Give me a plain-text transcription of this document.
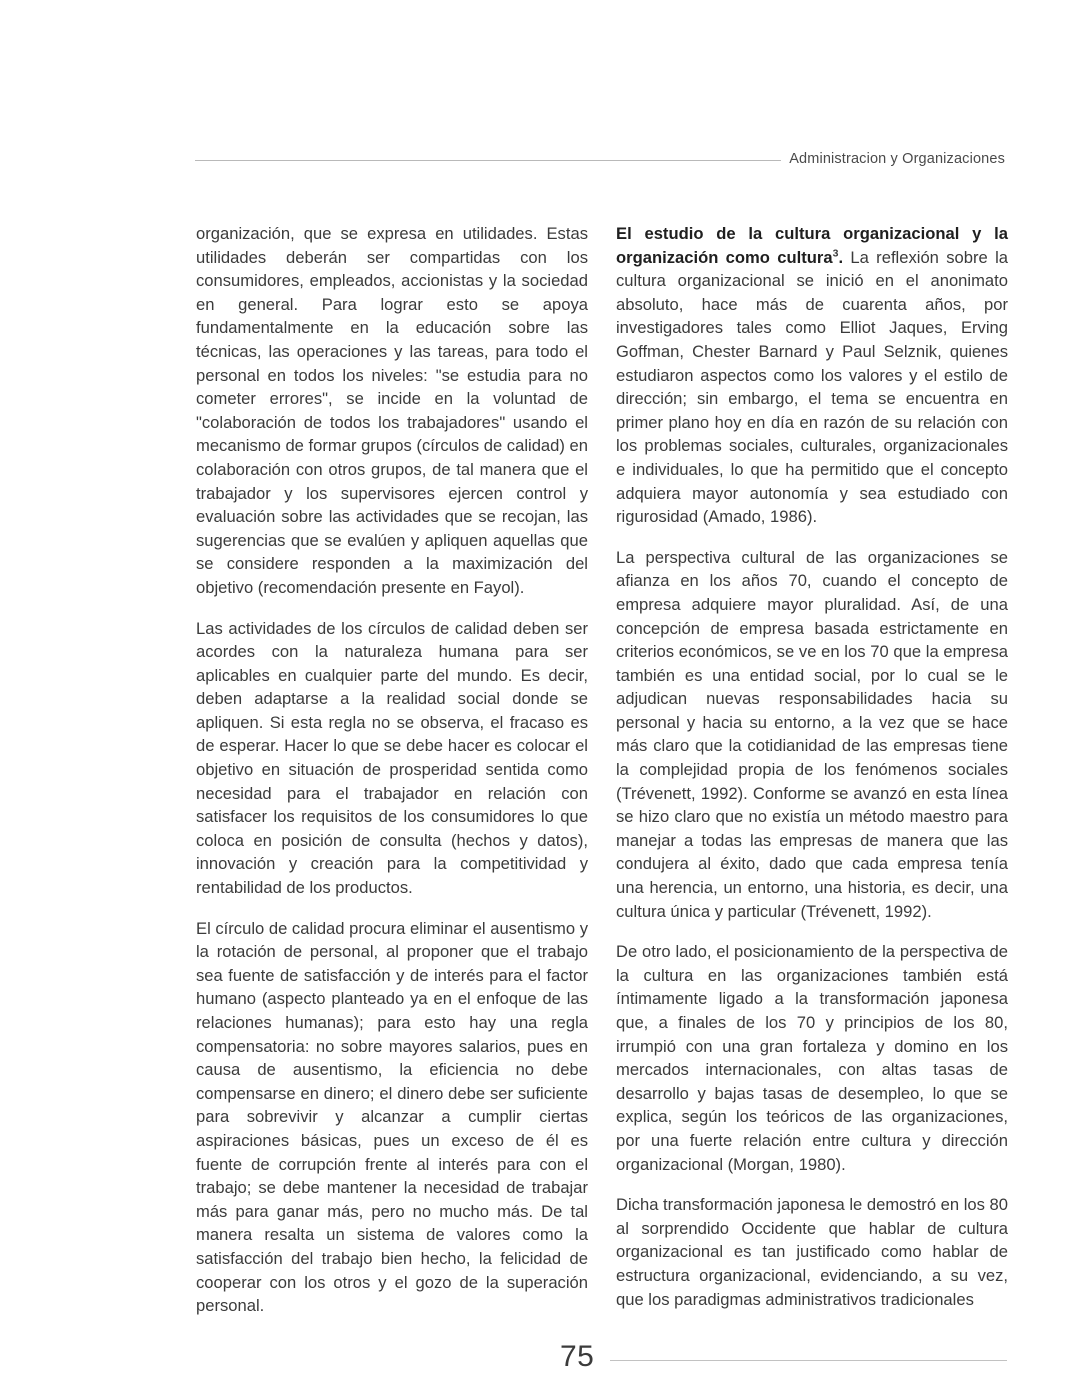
Administracion y Organizaciones

organización, que se expresa en utilidades. Estas utilidades deberán ser compartidas con los consumidores, empleados, accionistas y la sociedad en general. Para lograr esto se apoya fundamentalmente en la educación sobre las técnicas, las operaciones y las tareas, para todo el personal en todos los niveles: "se estudia para no cometer errores", se incide en la voluntad de "colaboración de todos los trabajadores" usando el mecanismo de formar grupos (círculos de calidad) en colaboración con otros grupos, de tal manera que el trabajador y los supervisores ejercen control y evaluación sobre las actividades que se recojan, las sugerencias que se evalúen y apliquen aquellas que se considere responden a la maximización del objetivo (recomendación presente en Fayol).

Las actividades de los círculos de calidad deben ser acordes con la naturaleza humana para ser aplicables en cualquier parte del mundo. Es decir, deben adaptarse a la realidad social donde se apliquen. Si esta regla no se observa, el fracaso es de esperar. Hacer lo que se debe hacer es colocar el objetivo en situación de prosperidad sentida como necesidad para el trabajador en relación con satisfacer los requisitos de los consumidores lo que coloca en posición de consulta (hechos y datos), innovación y creación para la competitividad y rentabilidad de los productos.

El círculo de calidad procura eliminar el ausentismo y la rotación de personal, al proponer que el trabajo sea fuente de satisfacción y de interés para el factor humano (aspecto planteado ya en el enfoque de las relaciones humanas); para esto hay una regla compensatoria: no sobre mayores salarios, pues en causa de ausentismo, la eficiencia no debe compensarse en dinero; el dinero debe ser suficiente para sobrevivir y alcanzar a cumplir ciertas aspiraciones básicas, pues un exceso de él es fuente de corrupción frente al interés para con el trabajo; se debe mantener la necesidad de trabajar más para ganar más, pero no mucho más. De tal manera resalta un sistema de valores como la satisfacción del trabajo bien hecho, la felicidad de cooperar con los otros y el gozo de la superación personal.

El estudio de la cultura organizacional y la organización como cultura$^3$. La reflexión sobre la cultura organizacional se inició en el anonimato absoluto, hace más de cuarenta años, por investigadores tales como Elliot Jaques, Erving Goffman, Chester Barnard y Paul Selznik, quienes estudiaron aspectos como los valores y el estilo de dirección; sin embargo, el tema se encuentra en primer plano hoy en día en razón de su relación con los problemas sociales, culturales, organizacionales e individuales, lo que ha permitido que el concepto adquiera mayor autonomía y sea estudiado con rigurosidad (Amado, 1986).

La perspectiva cultural de las organizaciones se afianza en los años 70, cuando el concepto de empresa adquiere mayor pluralidad. Así, de una concepción de empresa basada estrictamente en criterios económicos, se ve en los 70 que la empresa también es una entidad social, por lo cual se le adjudican nuevas responsabilidades hacia su personal y hacia su entorno, a la vez que se hace más claro que la cotidianidad de las empresas tiene la complejidad propia de los fenómenos sociales (Trévenett, 1992). Conforme se avanzó en esta línea se hizo claro que no existía un método maestro para manejar a todas las empresas de manera que las condujera al éxito, dado que cada empresa tenía una herencia, un entorno, una historia, es decir, una cultura única y particular (Trévenett, 1992).

De otro lado, el posicionamiento de la perspectiva de la cultura en las organizaciones también está íntimamente ligado a la transformación japonesa que, a finales de los 70 y principios de los 80, irrumpió con una gran fortaleza y domino en los mercados internacionales, con altas tasas de desarrollo y bajas tasas de desempleo, lo que se explica, según los teóricos de las organizaciones, por una fuerte relación entre cultura y dirección organizacional (Morgan, 1980).

Dicha transformación japonesa le demostró en los 80 al sorprendido Occidente que hablar de cultura organizacional es tan justificado como hablar de estructura organizacional, evidenciando, a su vez, que los paradigmas administrativos tradicionales

75
